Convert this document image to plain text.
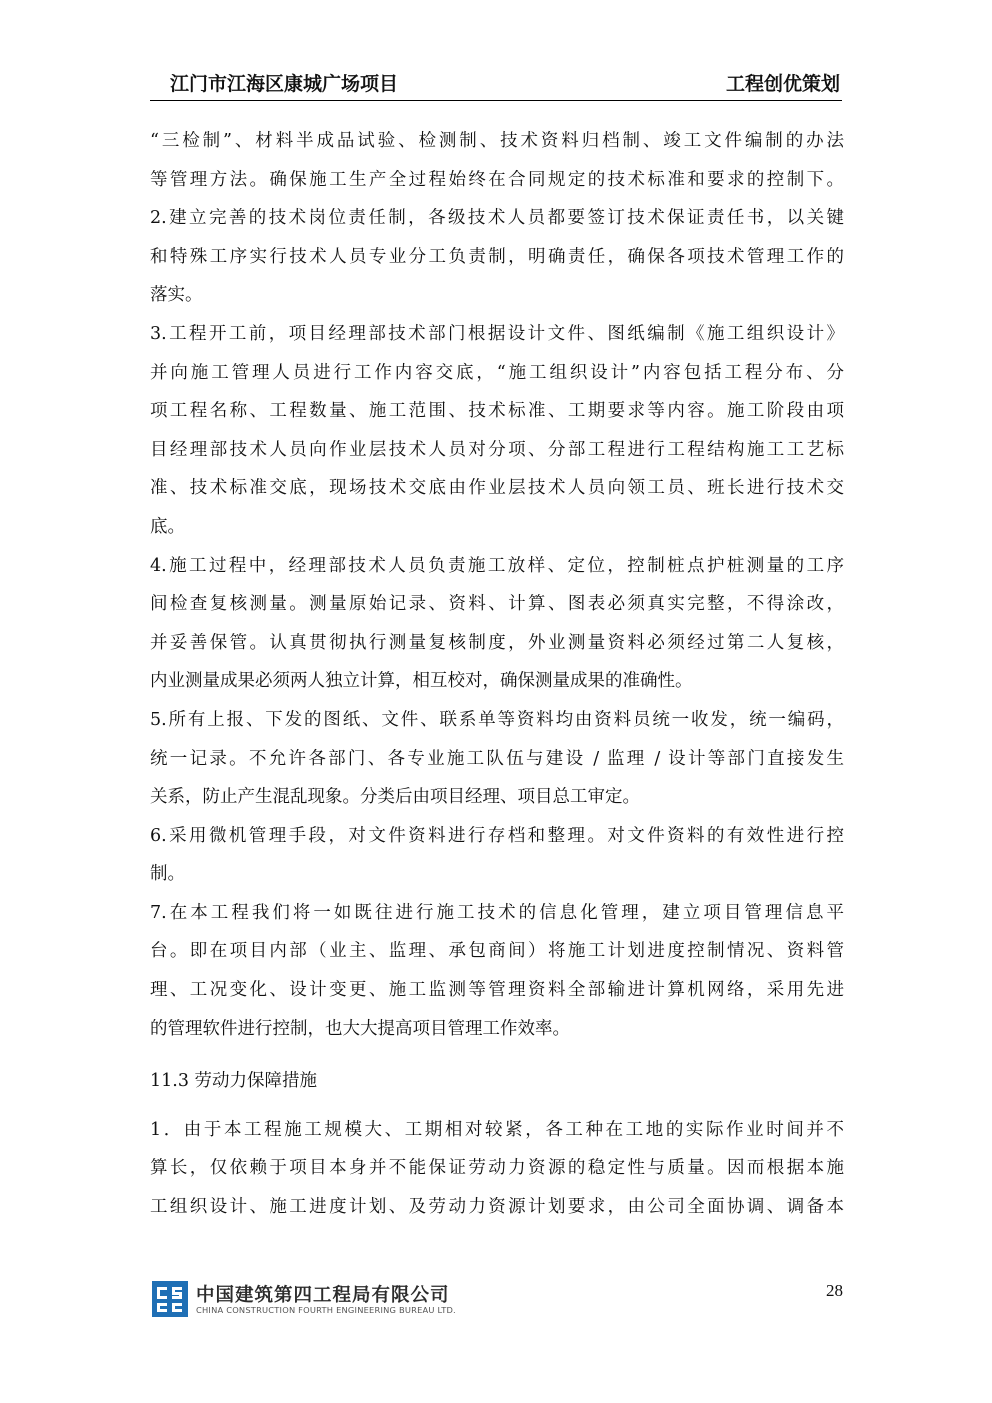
江门市江海区康城广场项目	工程创优策划
“三检制”、材料半成品试验、检测制、技术资料归档制、竣工文件编制的办法
等管理方法。确保施工生产全过程始终在合同规定的技术标准和要求的控制下。
2.建立完善的技术岗位责任制，各级技术人员都要签订技术保证责任书，以关键
和特殊工序实行技术人员专业分工负责制，明确责任，确保各项技术管理工作的
落实。
3.工程开工前，项目经理部技术部门根据设计文件、图纸编制《施工组织设计》
并向施工管理人员进行工作内容交底，“施工组织设计”内容包括工程分布、分
项工程名称、工程数量、施工范围、技术标准、工期要求等内容。施工阶段由项
目经理部技术人员向作业层技术人员对分项、分部工程进行工程结构施工工艺标
准、技术标准交底，现场技术交底由作业层技术人员向领工员、班长进行技术交
底。
4.施工过程中，经理部技术人员负责施工放样、定位，控制桩点护桩测量的工序
间检查复核测量。测量原始记录、资料、计算、图表必须真实完整，不得涂改，
并妥善保管。认真贯彻执行测量复核制度，外业测量资料必须经过第二人复核，
内业测量成果必须两人独立计算，相互校对，确保测量成果的准确性。
5.所有上报、下发的图纸、文件、联系单等资料均由资料员统一收发，统一编码，
统一记录。不允许各部门、各专业施工队伍与建设 / 监理 / 设计等部门直接发生
关系，防止产生混乱现象。分类后由项目经理、项目总工审定。
6.采用微机管理手段，对文件资料进行存档和整理。对文件资料的有效性进行控
制。
7.在本工程我们将一如既往进行施工技术的信息化管理，建立项目管理信息平
台。即在项目内部（业主、监理、承包商间）将施工计划进度控制情况、资料管
理、工况变化、设计变更、施工监测等管理资料全部输进计算机网络，采用先进
的管理软件进行控制，也大大提高项目管理工作效率。
11.3 劳动力保障措施
1．由于本工程施工规模大、工期相对较紧，各工种在工地的实际作业时间并不
算长，仅依赖于项目本身并不能保证劳动力资源的稳定性与质量。因而根据本施
工组织设计、施工进度计划、及劳动力资源计划要求，由公司全面协调、调备本
中国建筑第四工程局有限公司
CHINA CONSTRUCTION FOURTH ENGINEERING BUREAU LTD.
28
